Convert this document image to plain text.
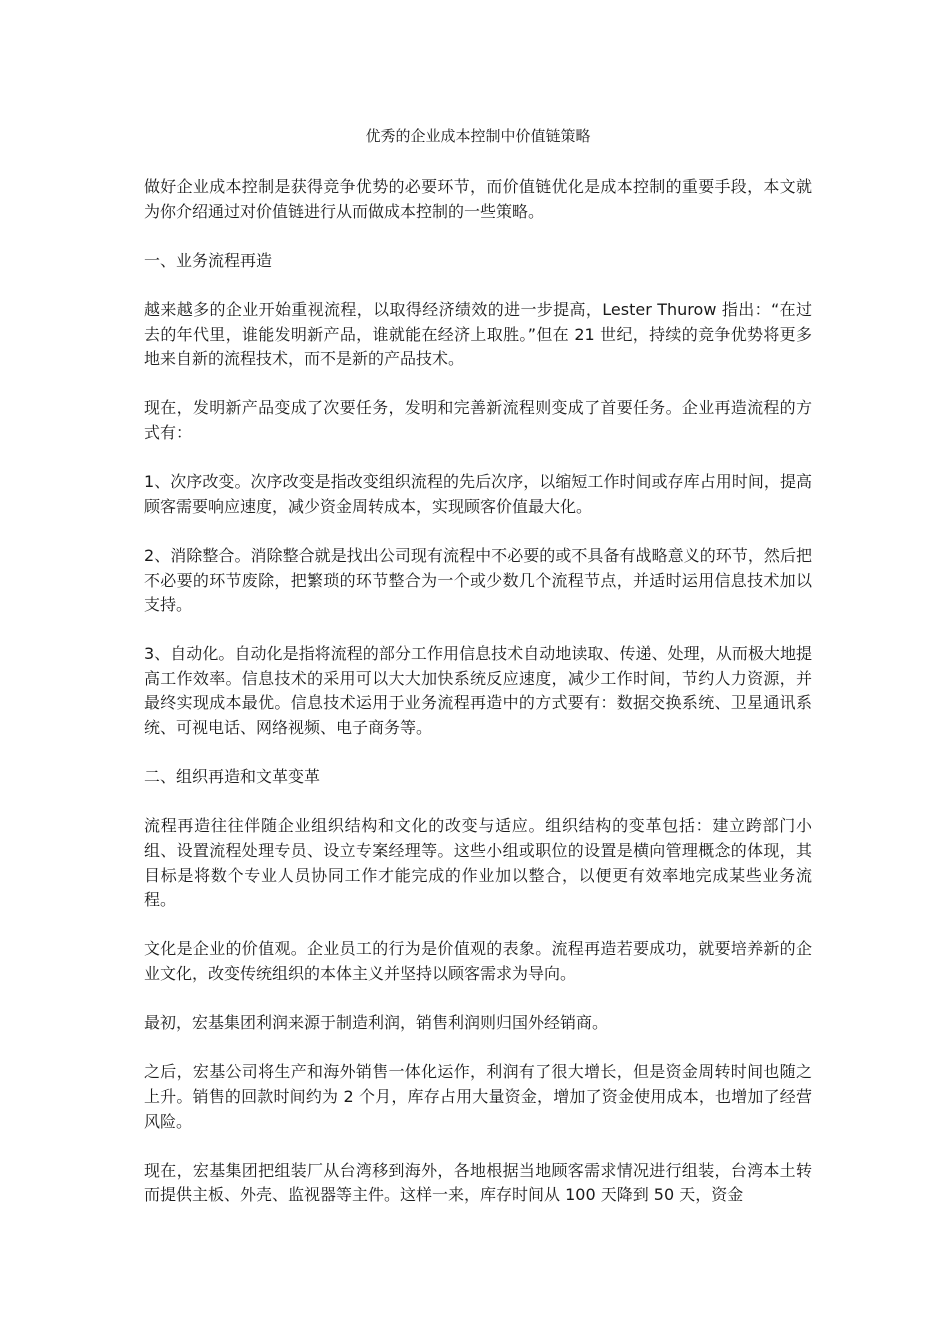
优秀的企业成本控制中价值链策略

做好企业成本控制是获得竞争优势的必要环节，而价值链优化是成本控制的重要手段，本文就为你介绍通过对价值链进行从而做成本控制的一些策略。

一、业务流程再造

越来越多的企业开始重视流程，以取得经济绩效的进一步提高，Lester Thurow 指出：“在过去的年代里，谁能发明新产品，谁就能在经济上取胜。”但在 21 世纪，持续的竞争优势将更多地来自新的流程技术，而不是新的产品技术。

现在，发明新产品变成了次要任务，发明和完善新流程则变成了首要任务。企业再造流程的方式有：

1、次序改变。次序改变是指改变组织流程的先后次序，以缩短工作时间或存库占用时间，提高顾客需要响应速度，减少资金周转成本，实现顾客价值最大化。

2、消除整合。消除整合就是找出公司现有流程中不必要的或不具备有战略意义的环节，然后把不必要的环节废除，把繁琐的环节整合为一个或少数几个流程节点，并适时运用信息技术加以支持。

3、自动化。自动化是指将流程的部分工作用信息技术自动地读取、传递、处理，从而极大地提高工作效率。信息技术的采用可以大大加快系统反应速度，减少工作时间，节约人力资源，并最终实现成本最优。信息技术运用于业务流程再造中的方式要有：数据交换系统、卫星通讯系统、可视电话、网络视频、电子商务等。

二、组织再造和文革变革

流程再造往往伴随企业组织结构和文化的改变与适应。组织结构的变革包括：建立跨部门小组、设置流程处理专员、设立专案经理等。这些小组或职位的设置是横向管理概念的体现，其目标是将数个专业人员协同工作才能完成的作业加以整合，以便更有效率地完成某些业务流程。

文化是企业的价值观。企业员工的行为是价值观的表象。流程再造若要成功，就要培养新的企业文化，改变传统组织的本体主义并坚持以顾客需求为导向。

最初，宏基集团利润来源于制造利润，销售利润则归国外经销商。

之后，宏基公司将生产和海外销售一体化运作，利润有了很大增长，但是资金周转时间也随之上升。销售的回款时间约为 2 个月，库存占用大量资金，增加了资金使用成本，也增加了经营风险。

现在，宏基集团把组装厂从台湾移到海外，各地根据当地顾客需求情况进行组装，台湾本土转而提供主板、外壳、监视器等主件。这样一来，库存时间从 100 天降到 50 天，资金
